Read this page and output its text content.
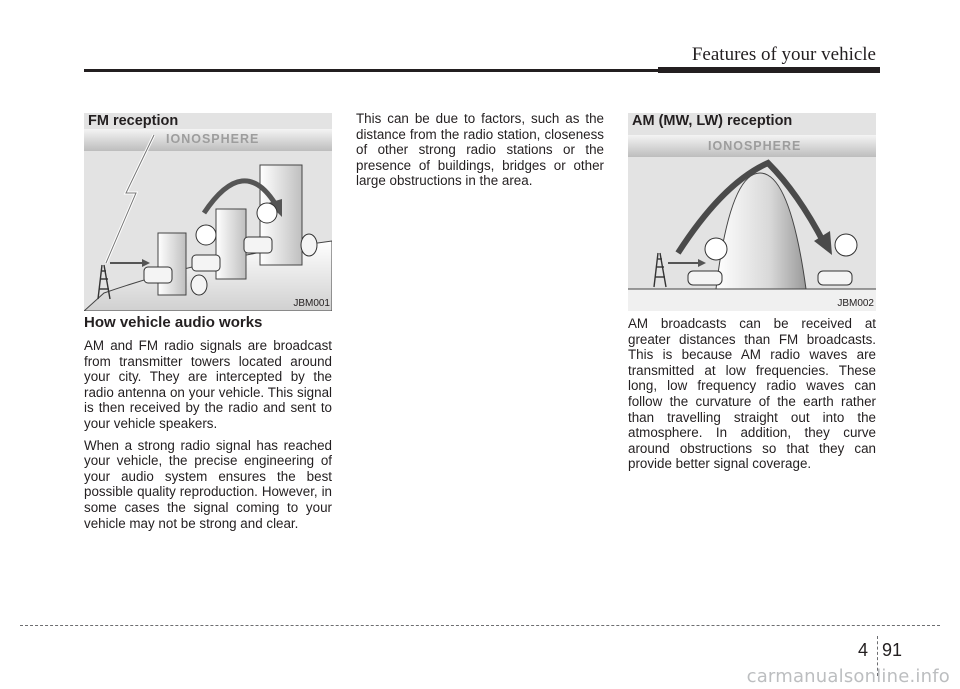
Features of your vehicle
FM reception
IONOSPHERE
JBM001
AM (MW, LW) reception
IONOSPHERE
JBM002
How vehicle audio works

AM and FM radio signals are broadcast from transmitter towers located around your city. They are intercepted by the radio antenna on your vehicle. This signal is then received by the radio and sent to your vehicle speakers.

When a strong radio signal has reached your vehicle, the precise engineering of your audio system ensures the best possible quality reproduction. However, in some cases the signal coming to your vehicle may not be strong and clear.

This can be due to factors, such as the distance from the radio station, closeness of other strong radio stations or the presence of buildings, bridges or other large obstructions in the area.

AM broadcasts can be received at greater distances than FM broadcasts. This is because AM radio waves are transmitted at low frequencies. These long, low frequency radio waves can follow the curvature of the earth rather than travelling straight out into the atmosphere. In addition, they curve around obstructions so that they can provide better signal coverage.

4 91
carmanualsonline.info
